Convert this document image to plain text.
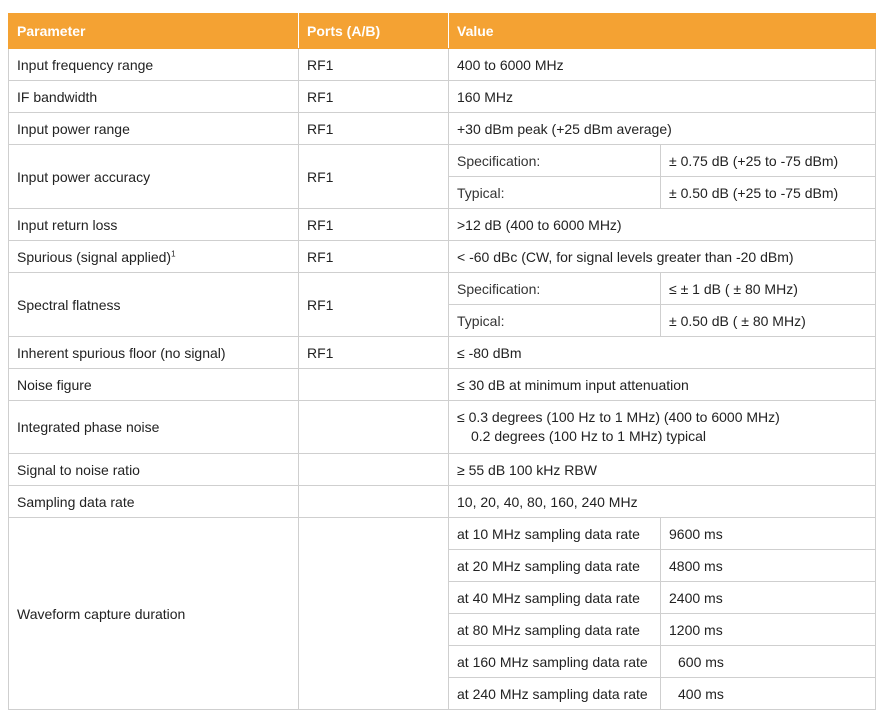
Parameter	Ports (A/B)	Value	
Input frequency range	RF1	400 to 6000 MHz	
IF bandwidth	RF1	160 MHz	
Input power range	RF1	+30 dBm peak (+25 dBm average)	
Input power accuracy	RF1	Specification:	± 0.75 dB (+25 to -75 dBm)
		Typical:	± 0.50 dB (+25 to -75 dBm)
Input return loss	RF1	>12 dB (400 to 6000 MHz)	
Spurious (signal applied)$^1$	RF1	< -60 dBc (CW, for signal levels greater than -20 dBm)	
Spectral flatness	RF1	Specification:	≤ ± 1 dB ( ± 80 MHz)
		Typical:	± 0.50 dB ( ± 80 MHz)
Inherent spurious floor (no signal)	RF1	≤ -80 dBm	
Noise figure		≤ 30 dB at minimum input attenuation	
Integrated phase noise		≤ 0.3 degrees (100 Hz to 1 MHz) (400 to 6000 MHz)
0.2 degrees (100 Hz to 1 MHz) typical	

Signal to noise ratio		≥ 55 dB 100 kHz RBW	
Sampling data rate		10, 20, 40, 80, 160, 240 MHz	
Waveform capture duration		at 10 MHz sampling data rate	9600 ms
		at 20 MHz sampling data rate	4800 ms
		at 40 MHz sampling data rate	2400 ms
		at 80 MHz sampling data rate	1200 ms
		at 160 MHz sampling data rate	600 ms
		at 240 MHz sampling data rate	400 ms
